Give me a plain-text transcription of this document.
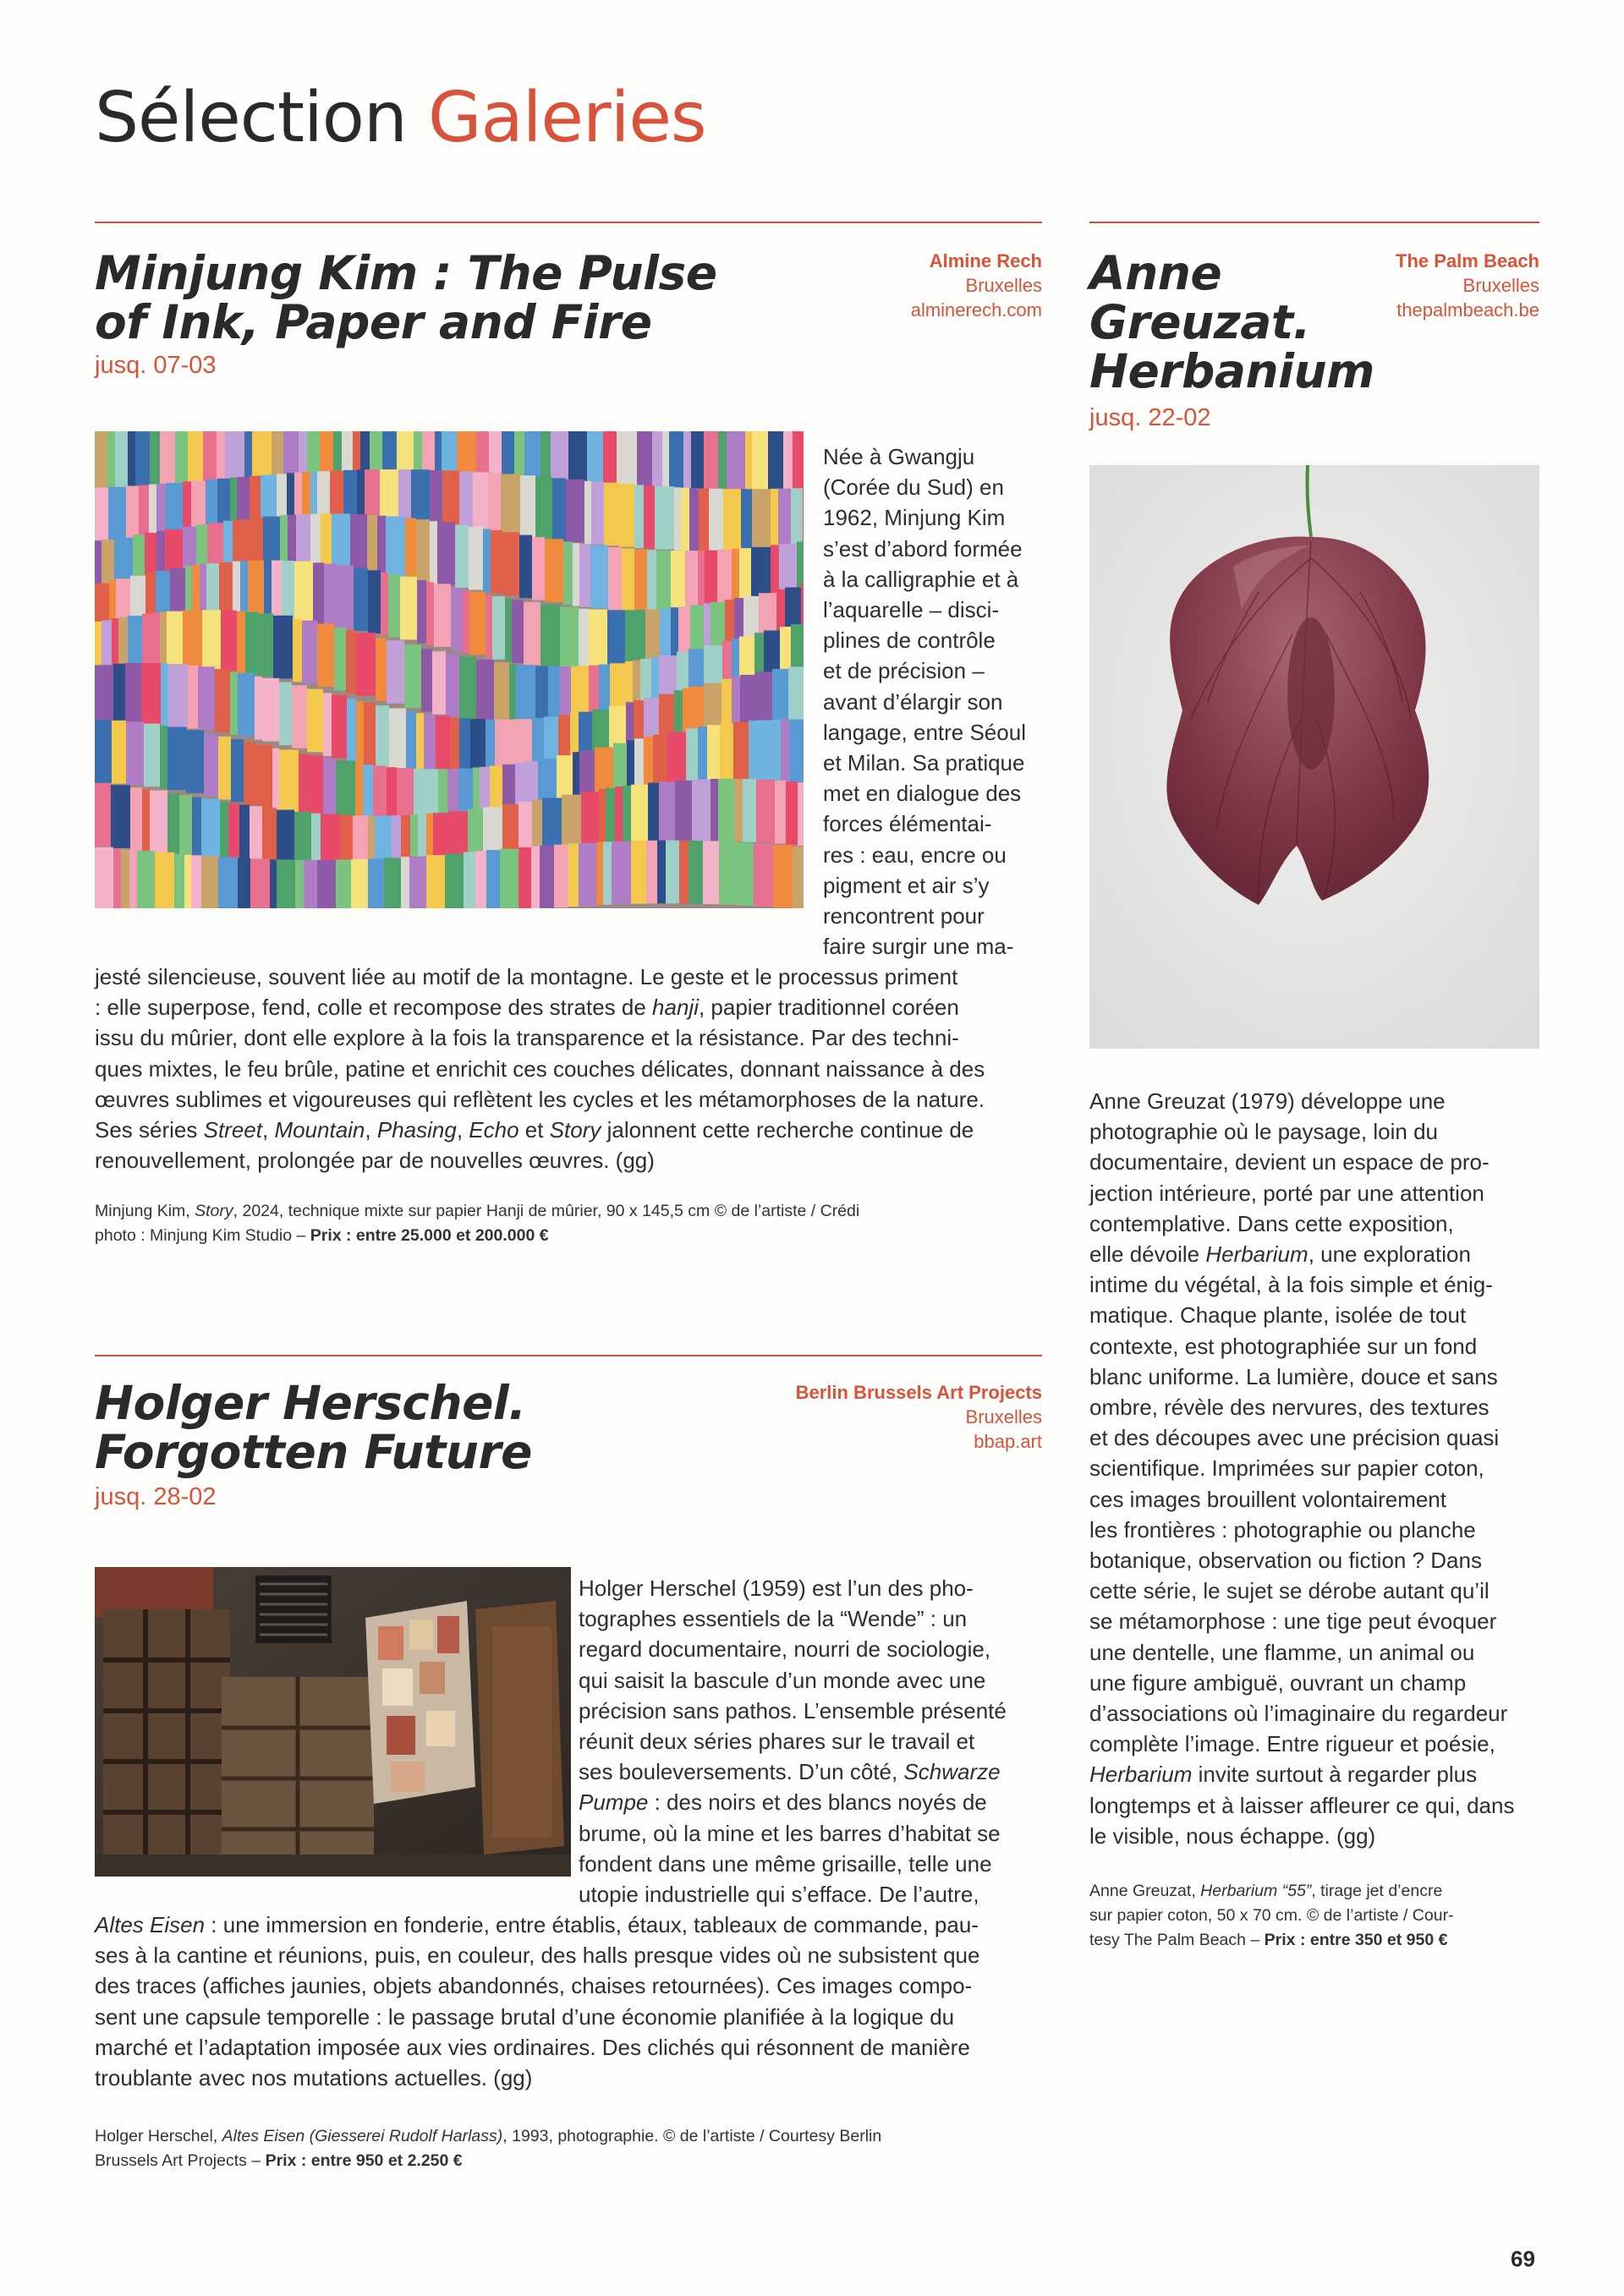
Sélection Galeries
Minjung Kim : The Pulse
of Ink, Paper and Fire
jusq. 07-03
Almine Rech
Bruxelles
alminerech.com
Née à Gwangju
(Corée du Sud) en
1962, Minjung Kim
s’est d’abord formée
à la calligraphie et à
l’aquarelle – disci-
plines de contrôle
et de précision –
avant d’élargir son
langage, entre Séoul
et Milan. Sa pratique
met en dialogue des
forces élémentai-
res : eau, encre ou
pigment et air s’y
rencontrent pour
faire surgir une ma-
jesté silencieuse, souvent liée au motif de la montagne. Le geste et le processus priment
: elle superpose, fend, colle et recompose des strates de hanji, papier traditionnel coréen
issu du mûrier, dont elle explore à la fois la transparence et la résistance. Par des techni-
ques mixtes, le feu brûle, patine et enrichit ces couches délicates, donnant naissance à des
œuvres sublimes et vigoureuses qui reflètent les cycles et les métamorphoses de la nature.
Ses séries Street, Mountain, Phasing, Echo et Story jalonnent cette recherche continue de
renouvellement, prolongée par de nouvelles œuvres. (gg)
Minjung Kim, Story, 2024, technique mixte sur papier Hanji de mûrier, 90 x 145,5 cm © de l’artiste / Crédi
photo : Minjung Kim Studio – Prix : entre 25.000 et 200.000 €
Holger Herschel.
Forgotten Future
jusq. 28-02
Berlin Brussels Art Projects
Bruxelles
bbap.art
Holger Herschel (1959) est l’un des pho-
tographes essentiels de la “Wende” : un
regard documentaire, nourri de sociologie,
qui saisit la bascule d’un monde avec une
précision sans pathos. L’ensemble présenté
réunit deux séries phares sur le travail et
ses bouleversements. D’un côté, Schwarze
Pumpe : des noirs et des blancs noyés de
brume, où la mine et les barres d’habitat se
fondent dans une même grisaille, telle une
utopie industrielle qui s’efface. De l’autre,
Altes Eisen : une immersion en fonderie, entre établis, étaux, tableaux de commande, pau-
ses à la cantine et réunions, puis, en couleur, des halls presque vides où ne subsistent que
des traces (affiches jaunies, objets abandonnés, chaises retournées). Ces images compo-
sent une capsule temporelle : le passage brutal d’une économie planifiée à la logique du
marché et l’adaptation imposée aux vies ordinaires. Des clichés qui résonnent de manière
troublante avec nos mutations actuelles. (gg)
Holger Herschel, Altes Eisen (Giesserei Rudolf Harlass), 1993, photographie. © de l’artiste / Courtesy Berlin
Brussels Art Projects – Prix : entre 950 et 2.250 €
Anne
Greuzat.
Herbanium
jusq. 22-02
The Palm Beach
Bruxelles
thepalmbeach.be
Anne Greuzat (1979) développe une
photographie où le paysage, loin du
documentaire, devient un espace de pro-
jection intérieure, porté par une attention
contemplative. Dans cette exposition,
elle dévoile Herbarium, une exploration
intime du végétal, à la fois simple et énig-
matique. Chaque plante, isolée de tout
contexte, est photographiée sur un fond
blanc uniforme. La lumière, douce et sans
ombre, révèle des nervures, des textures
et des découpes avec une précision quasi
scientifique. Imprimées sur papier coton,
ces images brouillent volontairement
les frontières : photographie ou planche
botanique, observation ou fiction ? Dans
cette série, le sujet se dérobe autant qu’il
se métamorphose : une tige peut évoquer
une dentelle, une flamme, un animal ou
une figure ambiguë, ouvrant un champ
d’associations où l’imaginaire du regardeur
complète l’image. Entre rigueur et poésie,
Herbarium invite surtout à regarder plus
longtemps et à laisser affleurer ce qui, dans
le visible, nous échappe. (gg)
Anne Greuzat, Herbarium “55”, tirage jet d’encre
sur papier coton, 50 x 70 cm. © de l’artiste / Cour-
tesy The Palm Beach – Prix : entre 350 et 950 €
69
